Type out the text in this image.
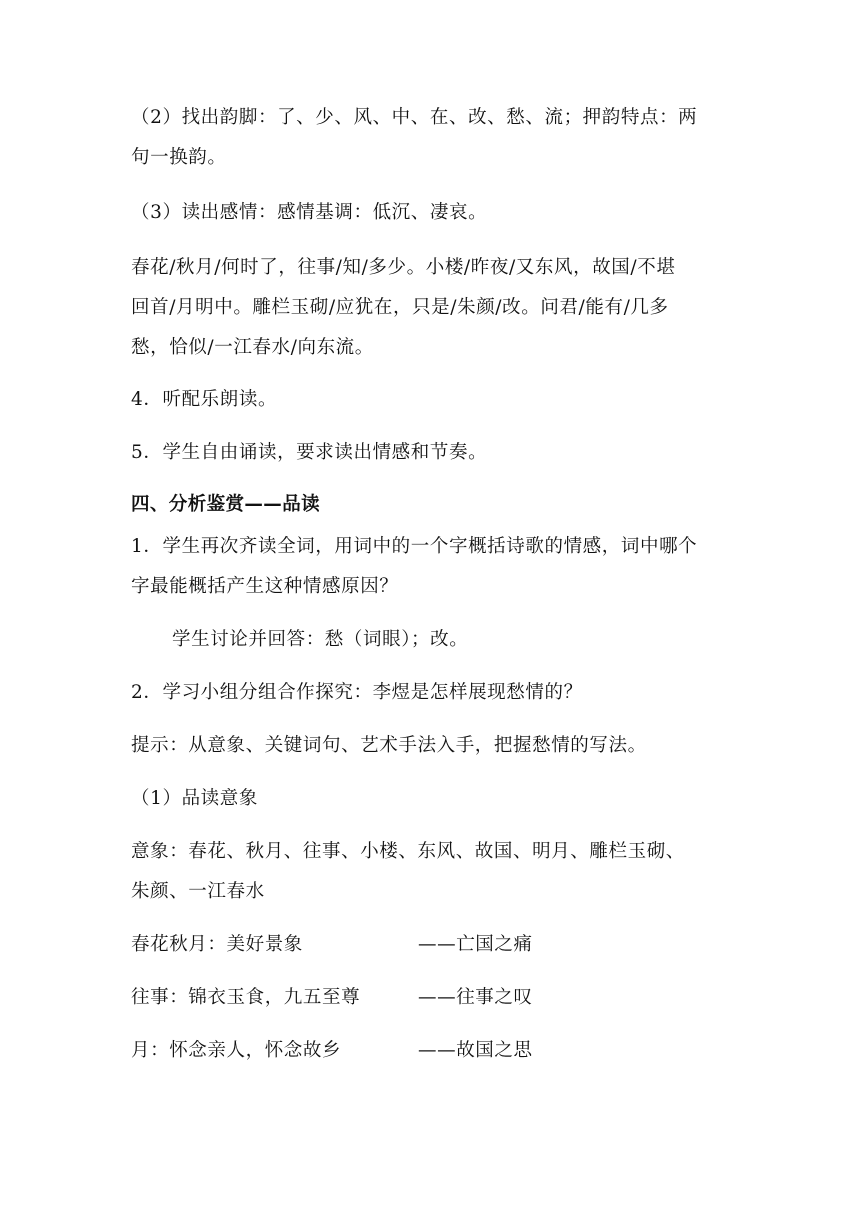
（2）找出韵脚：了、少、风、中、在、改、愁、流；押韵特点：两
句一换韵。
（3）读出感情：感情基调：低沉、凄哀。
春花/秋月/何时了，往事/知/多少。小楼/昨夜/又东风，故国/不堪
回首/月明中。雕栏玉砌/应犹在，只是/朱颜/改。问君/能有/几多
愁，恰似/一江春水/向东流。
4．听配乐朗读。
5．学生自由诵读，要求读出情感和节奏。
四、分析鉴赏——品读
1．学生再次齐读全词，用词中的一个字概括诗歌的情感，词中哪个
字最能概括产生这种情感原因？
学生讨论并回答：愁（词眼）；改。
2．学习小组分组合作探究：李煜是怎样展现愁情的？
提示：从意象、关键词句、艺术手法入手，把握愁情的写法。
（1）品读意象
意象：春花、秋月、往事、小楼、东风、故国、明月、雕栏玉砌、
朱颜、一江春水
春花秋月：美好景象	——亡国之痛
往事：锦衣玉食，九五至尊	——往事之叹
月：怀念亲人，怀念故乡	——故国之思
